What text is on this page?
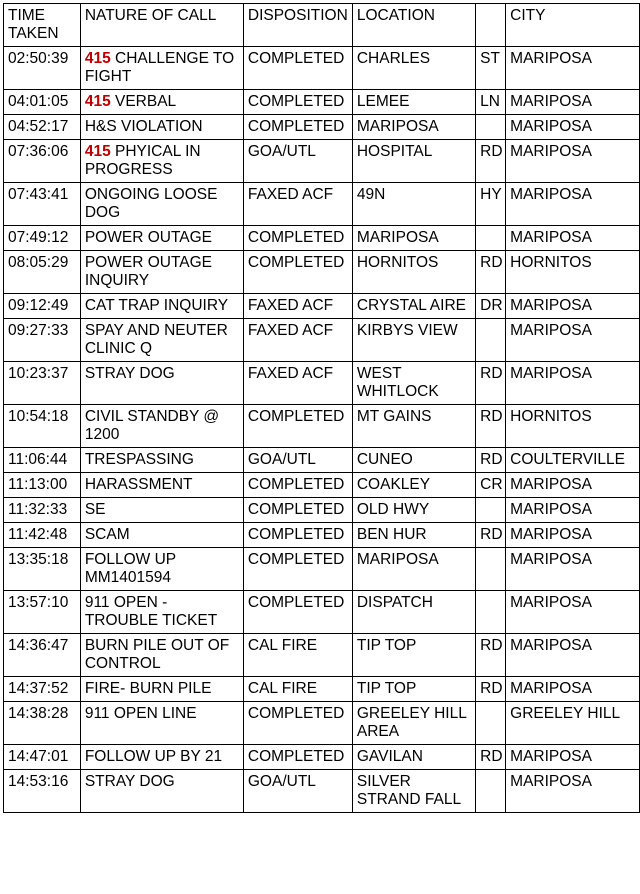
TIME TAKEN	NATURE OF CALL	DISPOSITION	LOCATION		CITY
02:50:39	415 CHALLENGE TO FIGHT	COMPLETED	CHARLES	ST	MARIPOSA
04:01:05	415 VERBAL	COMPLETED	LEMEE	LN	MARIPOSA
04:52:17	H&S VIOLATION	COMPLETED	MARIPOSA		MARIPOSA
07:36:06	415 PHYICAL IN PROGRESS	GOA/UTL	HOSPITAL	RD	MARIPOSA
07:43:41	ONGOING LOOSE DOG	FAXED ACF	49N	HY	MARIPOSA
07:49:12	POWER OUTAGE	COMPLETED	MARIPOSA		MARIPOSA
08:05:29	POWER OUTAGE INQUIRY	COMPLETED	HORNITOS	RD	HORNITOS
09:12:49	CAT TRAP INQUIRY	FAXED ACF	CRYSTAL AIRE	DR	MARIPOSA
09:27:33	SPAY AND NEUTER CLINIC Q	FAXED ACF	KIRBYS VIEW		MARIPOSA
10:23:37	STRAY DOG	FAXED ACF	WEST WHITLOCK	RD	MARIPOSA
10:54:18	CIVIL STANDBY @ 1200	COMPLETED	MT GAINS	RD	HORNITOS
11:06:44	TRESPASSING	GOA/UTL	CUNEO	RD	COULTERVILLE
11:13:00	HARASSMENT	COMPLETED	COAKLEY	CR	MARIPOSA
11:32:33	SE	COMPLETED	OLD HWY		MARIPOSA
11:42:48	SCAM	COMPLETED	BEN HUR	RD	MARIPOSA
13:35:18	FOLLOW UP MM1401594	COMPLETED	MARIPOSA		MARIPOSA
13:57:10	911 OPEN - TROUBLE TICKET	COMPLETED	DISPATCH		MARIPOSA
14:36:47	BURN PILE OUT OF CONTROL	CAL FIRE	TIP TOP	RD	MARIPOSA
14:37:52	FIRE- BURN PILE	CAL FIRE	TIP TOP	RD	MARIPOSA
14:38:28	911 OPEN LINE	COMPLETED	GREELEY HILL AREA		GREELEY HILL
14:47:01	FOLLOW UP BY 21	COMPLETED	GAVILAN	RD	MARIPOSA
14:53:16	STRAY DOG	GOA/UTL	SILVER STRAND FALL		MARIPOSA
